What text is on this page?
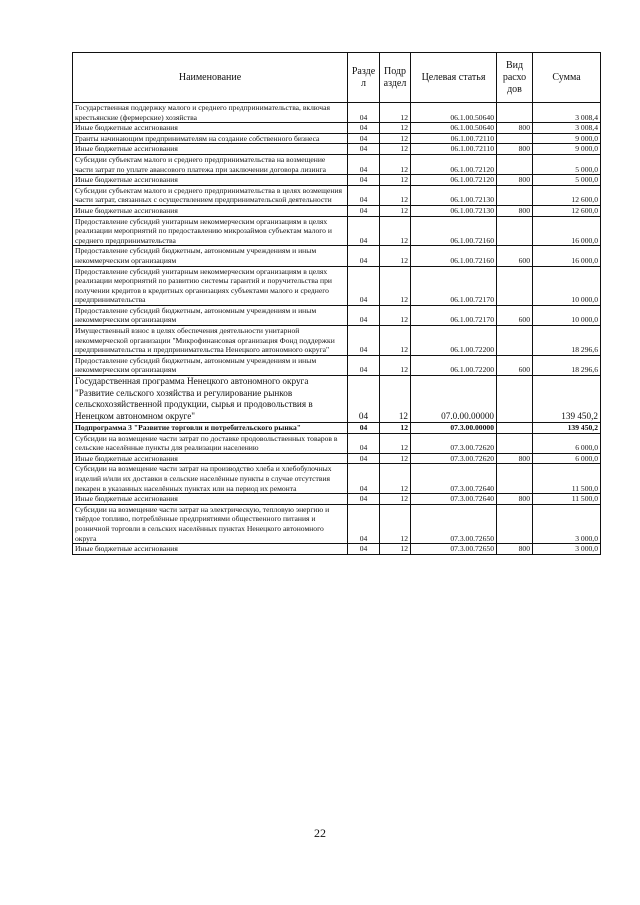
Наименование	Разде л	Подр аздел	Целевая статья	Вид расхо дов	Сумма
Государственная поддержку малого и среднего предпринимательства, включая крестьянские (фермерские) хозяйства	04	12	06.1.00.50640		3 008,4
Иные бюджетные ассигнования	04	12	06.1.00.50640	800	3 008,4
Гранты начинающим предпринимателям на создание собственного бизнеса	04	12	06.1.00.72110		9 000,0
Иные бюджетные ассигнования	04	12	06.1.00.72110	800	9 000,0
Субсидии субъектам малого и среднего предпринимательства на возмещение части затрат по уплате авансового платежа при заключении договора лизинга	04	12	06.1.00.72120		5 000,0
Иные бюджетные ассигнования	04	12	06.1.00.72120	800	5 000,0
Субсидии субъектам малого и среднего предпринимательства в целях возмещения части затрат, связанных с осуществлением предпринимательской деятельности	04	12	06.1.00.72130		12 600,0
Иные бюджетные ассигнования	04	12	06.1.00.72130	800	12 600,0
Предоставление субсидий унитарным некоммерческим организациям в целях реализации мероприятий по предоставлению микрозаймов субъектам малого и среднего предпринимательства	04	12	06.1.00.72160		16 000,0
Предоставление субсидий бюджетным, автономным учреждениям и иным некоммерческим организациям	04	12	06.1.00.72160	600	16 000,0
Предоставление субсидий унитарным некоммерческим организациям в целях реализации мероприятий по развитию системы гарантий и поручительства при получении кредитов в кредитных организациях субъектами малого и среднего предпринимательства	04	12	06.1.00.72170		10 000,0
Предоставление субсидий бюджетным, автономным учреждениям и иным некоммерческим организациям	04	12	06.1.00.72170	600	10 000,0
Имущественный взнос в целях обеспечения деятельности унитарной некоммерческой организации "Микрофинансовая организация Фонд поддержки предпринимательства и предпринимательства Ненецкого автономного округа"	04	12	06.1.00.72200		18 296,6
Предоставление субсидий бюджетным, автономным учреждениям и иным некоммерческим организациям	04	12	06.1.00.72200	600	18 296,6
Государственная программа Ненецкого автономного округа "Развитие сельского хозяйства и регулирование рынков сельскохозяйственной продукции, сырья и продовольствия в Ненецком автономном округе"	04	12	07.0.00.00000		139 450,2
Подпрограмма 3 "Развитие торговли и потребительского рынка"	04	12	07.3.00.00000		139 450,2
Субсидии на возмещение части затрат по доставке продовольственных товаров в сельские населённые пункты для реализации населению	04	12	07.3.00.72620		6 000,0
Иные бюджетные ассигнования	04	12	07.3.00.72620	800	6 000,0
Субсидии на возмещение части затрат на производство хлеба и хлебобулочных изделий и/или их доставки в сельские населённые пункты в случае отсутствия пекарен в указанных населённых пунктах или на период их ремонта	04	12	07.3.00.72640		11 500,0
Иные бюджетные ассигнования	04	12	07.3.00.72640	800	11 500,0
Субсидии на возмещение части затрат на электрическую, тепловую энергию и твёрдое топливо, потреблённые предприятиями общественного питания и розничной торговли в сельских населённых пунктах Ненецкого автономного округа	04	12	07.3.00.72650		3 000,0
Иные бюджетные ассигнования	04	12	07.3.00.72650	800	3 000,0
22
